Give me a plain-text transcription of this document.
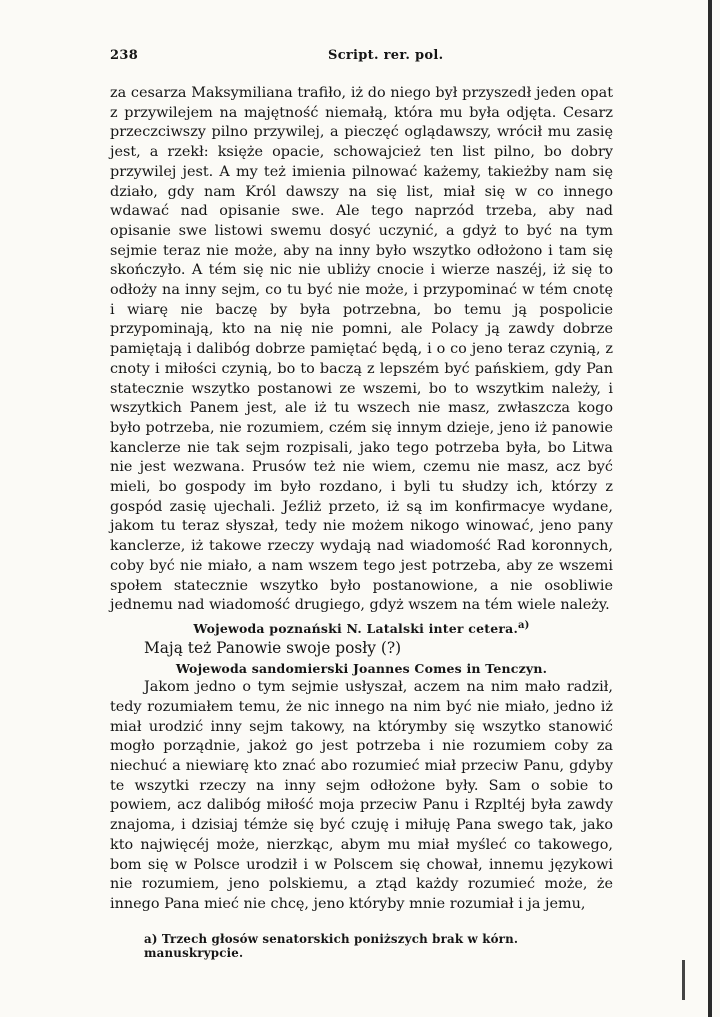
238	Script. rer. pol.

za cesarza Maksymiliana trafiło, iż do niego był przyszedł jeden opat z przywilejem na majętność niemałą, która mu była odjęta. Cesarz przeczciwszy pilno przywilej, a pieczęć oglądawszy, wrócił mu zasię jest, a rzekł: księże opacie, schowajcież ten list pilno, bo dobry przywilej jest. A my też imienia pilnować każemy, takieżby nam się działo, gdy nam Król dawszy na się list, miał się w co innego wdawać nad opisanie swe. Ale tego naprzód trzeba, aby nad opisanie swe listowi swemu dosyć uczynić, a gdyż to być na tym sejmie teraz nie może, aby na inny było wszytko odłożono i tam się skończyło. A tém się nic nie ubliży cnocie i wierze naszéj, iż się to odłoży na inny sejm, co tu być nie może, i przypominać w tém cnotę i wiarę nie baczę by była potrzebna, bo temu ją pospolicie przypominają, kto na nię nie pomni, ale Polacy ją zawdy dobrze pamiętają i dalibóg dobrze pamiętać będą, i o co jeno teraz czynią, z cnoty i miłości czynią, bo to baczą z lepszém być pańskiem, gdy Pan statecznie wszytko postanowi ze wszemi, bo to wszytkim należy, i wszytkich Panem jest, ale iż tu wszech nie masz, zwłaszcza kogo było potrzeba, nie rozumiem, czém się innym dzieje, jeno iż panowie kanclerze nie tak sejm rozpisali, jako tego potrzeba była, bo Litwa nie jest wezwana. Prusów też nie wiem, czemu nie masz, acz być mieli, bo gospody im było rozdano, i byli tu słudzy ich, którzy z gospód zasię ujechali. Jeźliż przeto, iż są im konfirmacye wydane, jakom tu teraz słyszał, tedy nie możem nikogo winować, jeno pany kanclerze, iż takowe rzeczy wydają nad wiadomość Rad koronnych, coby być nie miało, a nam wszem tego jest potrzeba, aby ze wszemi społem statecznie wszytko było postanowione, a nie osobliwie jednemu nad wiadomość drugiego, gdyż wszem na tém wiele należy.

Wojewoda poznański N. Latalski inter cetera.$^{a)}$

Mają też Panowie swoje posły (?)

Wojewoda sandomierski Joannes Comes in Tenczyn.

Jakom jedno o tym sejmie usłyszał, aczem na nim mało radził, tedy rozumiałem temu, że nic innego na nim być nie miało, jedno iż miał urodzić inny sejm takowy, na którymby się wszytko stanowić mogło porządnie, jakoż go jest potrzeba i nie rozumiem coby za niechuć a niewiarę kto znać abo rozumieć miał przeciw Panu, gdyby te wszytki rzeczy na inny sejm odłożone były. Sam o sobie to powiem, acz dalibóg miłość moja przeciw Panu i Rzpltéj była zawdy znajoma, i dzisiaj témże się być czuję i miłuję Pana swego tak, jako kto najwięcéj może, nierzkąc, abym mu miał myśleć co takowego, bom się w Polsce urodził i w Polscem się chował, innemu językowi nie rozumiem, jeno polskiemu, a ztąd każdy rozumieć może, że innego Pana mieć nie chcę, jeno któryby mnie rozumiał i ja jemu,

a) Trzech głosów senatorskich poniższych brak w kórn. manuskrypcie.
